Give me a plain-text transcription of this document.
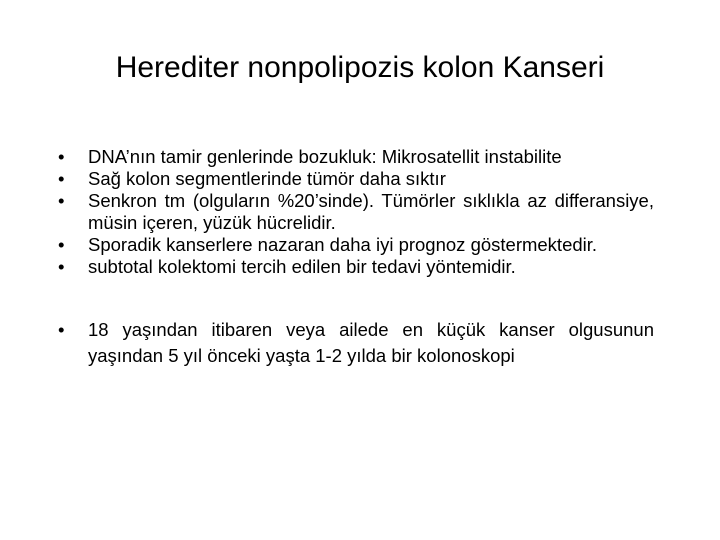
Herediter nonpolipozis kolon Kanseri
• DNA’nın tamir genlerinde bozukluk: Mikrosatellit instabilite
• Sağ kolon segmentlerinde tümör daha sıktır
• Senkron tm (olguların %20’sinde). Tümörler sıklıkla az differansiye, müsin içeren, yüzük hücrelidir.
• Sporadik kanserlere nazaran daha iyi prognoz göstermektedir.
• subtotal kolektomi tercih edilen bir tedavi yöntemidir.
• 18 yaşından itibaren veya ailede en küçük kanser olgusunun yaşından 5 yıl önceki yaşta 1-2 yılda bir kolonoskopi
